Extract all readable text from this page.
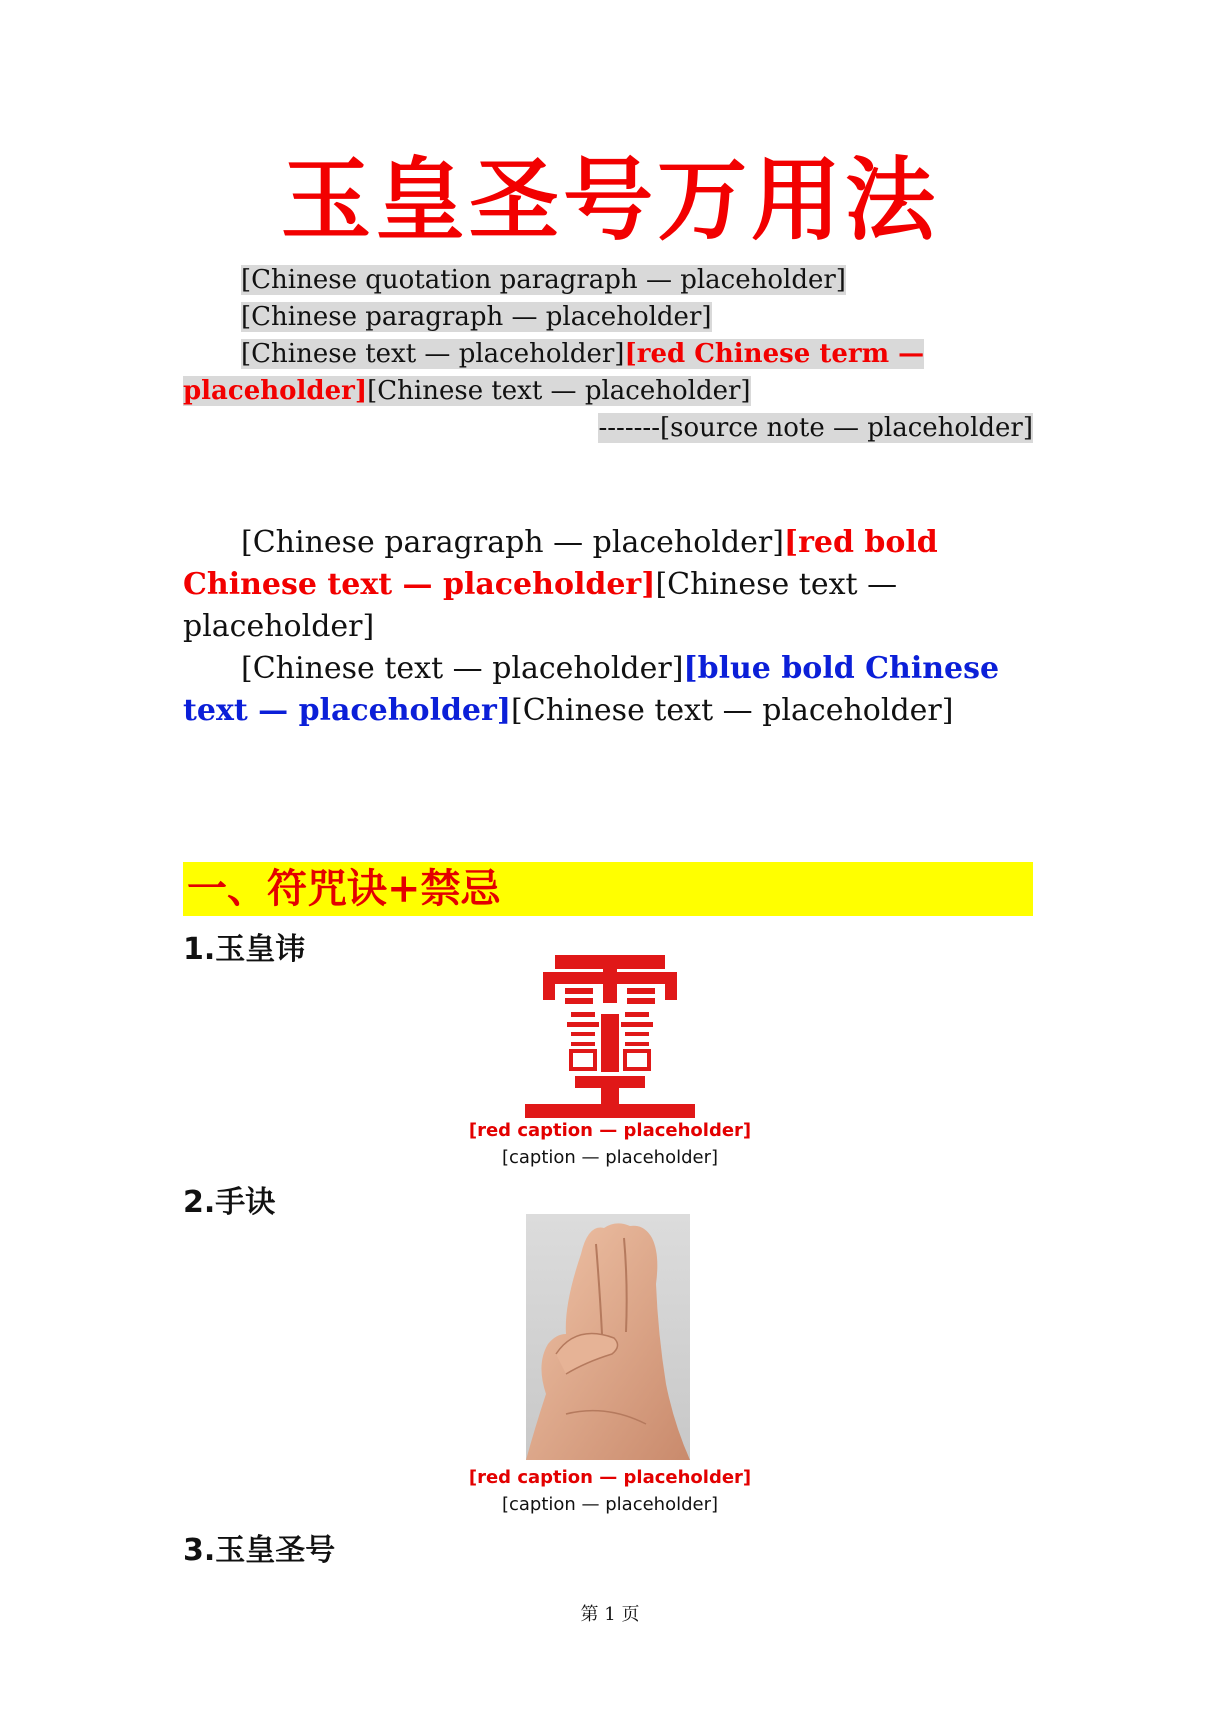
玉皇圣号万用法

[Chinese quotation paragraph — placeholder]

[Chinese paragraph — placeholder]

[Chinese text — placeholder][red Chinese term — placeholder][Chinese text — placeholder]

-------[source note — placeholder]

[Chinese paragraph — placeholder][red bold Chinese text — placeholder][Chinese text — placeholder]

[Chinese text — placeholder][blue bold Chinese text — placeholder][Chinese text — placeholder]

一、符咒诀+禁忌
1.玉皇讳
[red caption — placeholder]
[caption — placeholder]
2.手诀
[red caption — placeholder]
[caption — placeholder]
3.玉皇圣号
第 1 页
